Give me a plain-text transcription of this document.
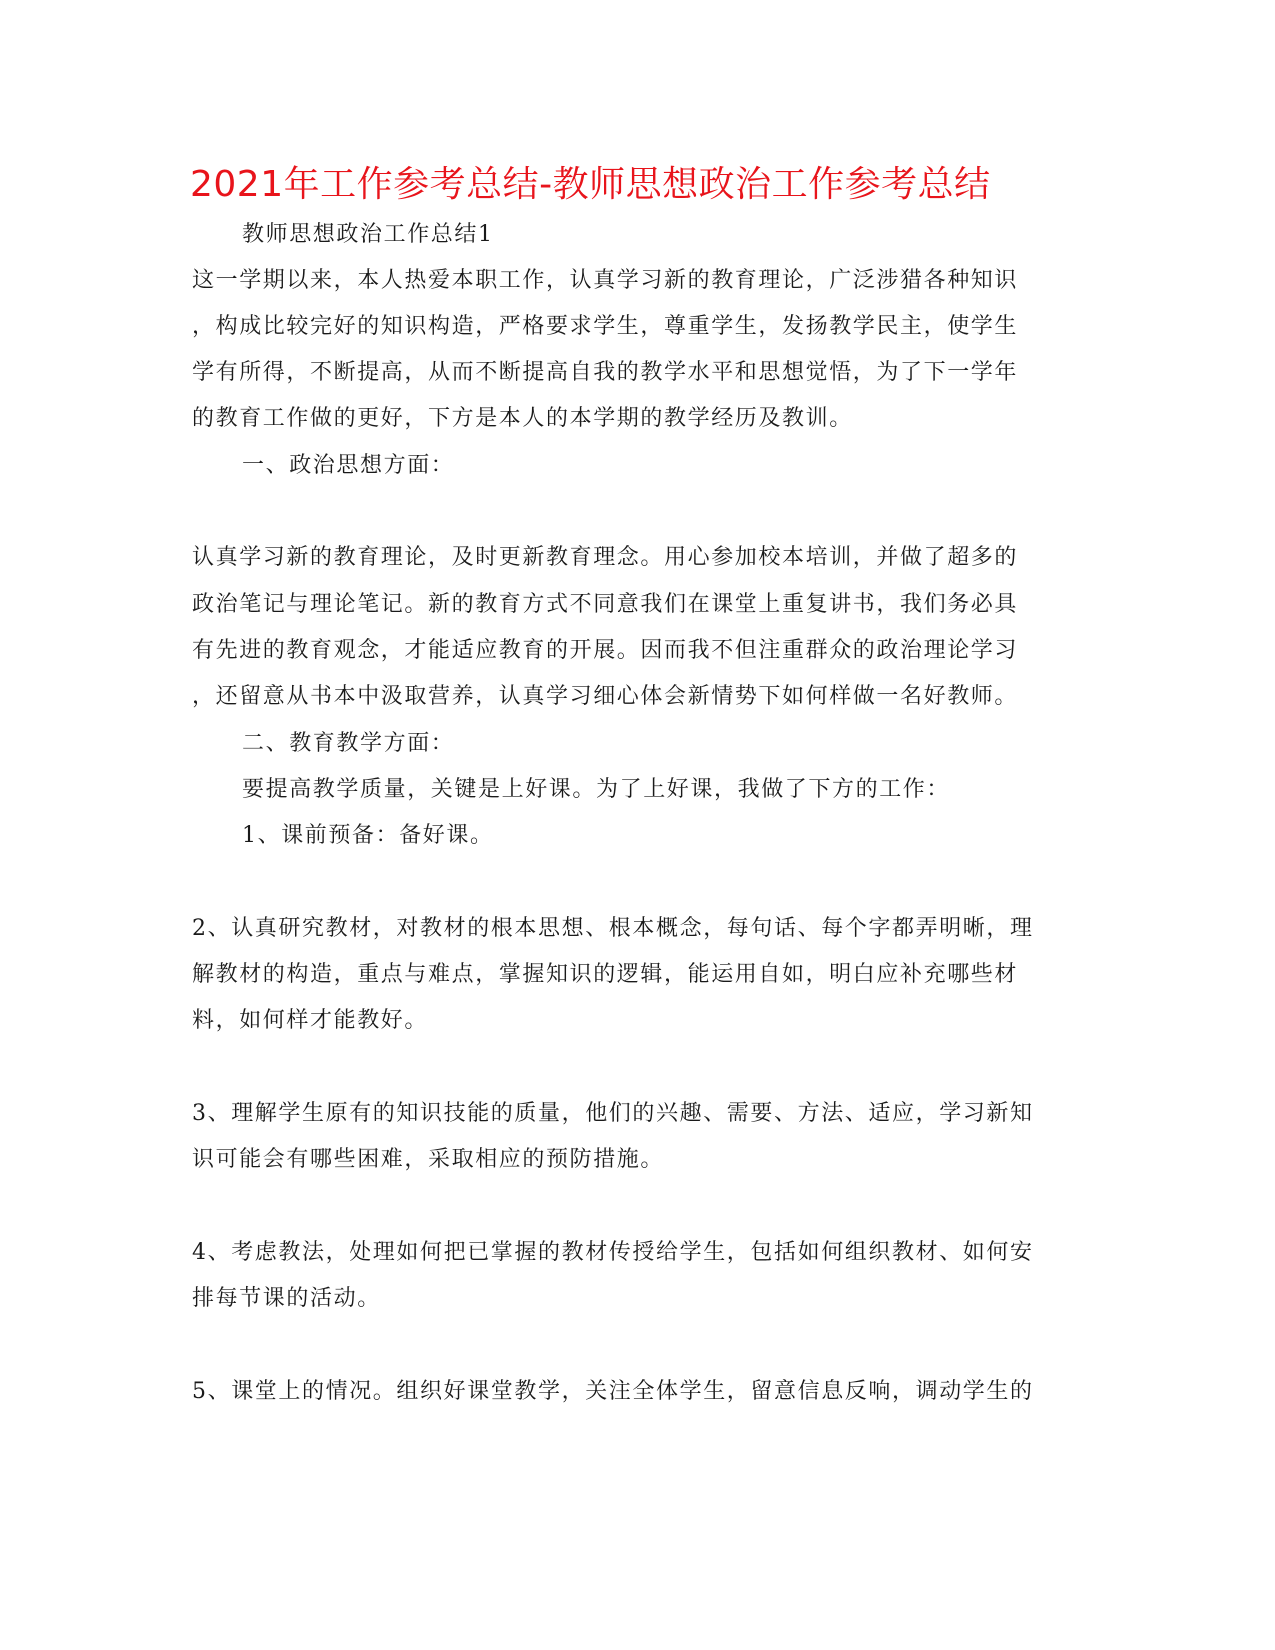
2021年工作参考总结-教师思想政治工作参考总结
教师思想政治工作总结1
这一学期以来，本人热爱本职工作，认真学习新的教育理论，广泛涉猎各种知识
，构成比较完好的知识构造，严格要求学生，尊重学生，发扬教学民主，使学生
学有所得，不断提高，从而不断提高自我的教学水平和思想觉悟，为了下一学年
的教育工作做的更好，下方是本人的本学期的教学经历及教训。
一、政治思想方面：
认真学习新的教育理论，及时更新教育理念。用心参加校本培训，并做了超多的
政治笔记与理论笔记。新的教育方式不同意我们在课堂上重复讲书，我们务必具
有先进的教育观念，才能适应教育的开展。因而我不但注重群众的政治理论学习
，还留意从书本中汲取营养，认真学习细心体会新情势下如何样做一名好教师。
二、教育教学方面：
要提高教学质量，关键是上好课。为了上好课，我做了下方的工作：
1、课前预备：备好课。
2、认真研究教材，对教材的根本思想、根本概念，每句话、每个字都弄明晰，理
解教材的构造，重点与难点，掌握知识的逻辑，能运用自如，明白应补充哪些材
料，如何样才能教好。
3、理解学生原有的知识技能的质量，他们的兴趣、需要、方法、适应，学习新知
识可能会有哪些困难，采取相应的预防措施。
4、考虑教法，处理如何把已掌握的教材传授给学生，包括如何组织教材、如何安
排每节课的活动。
5、课堂上的情况。组织好课堂教学，关注全体学生，留意信息反响，调动学生的
